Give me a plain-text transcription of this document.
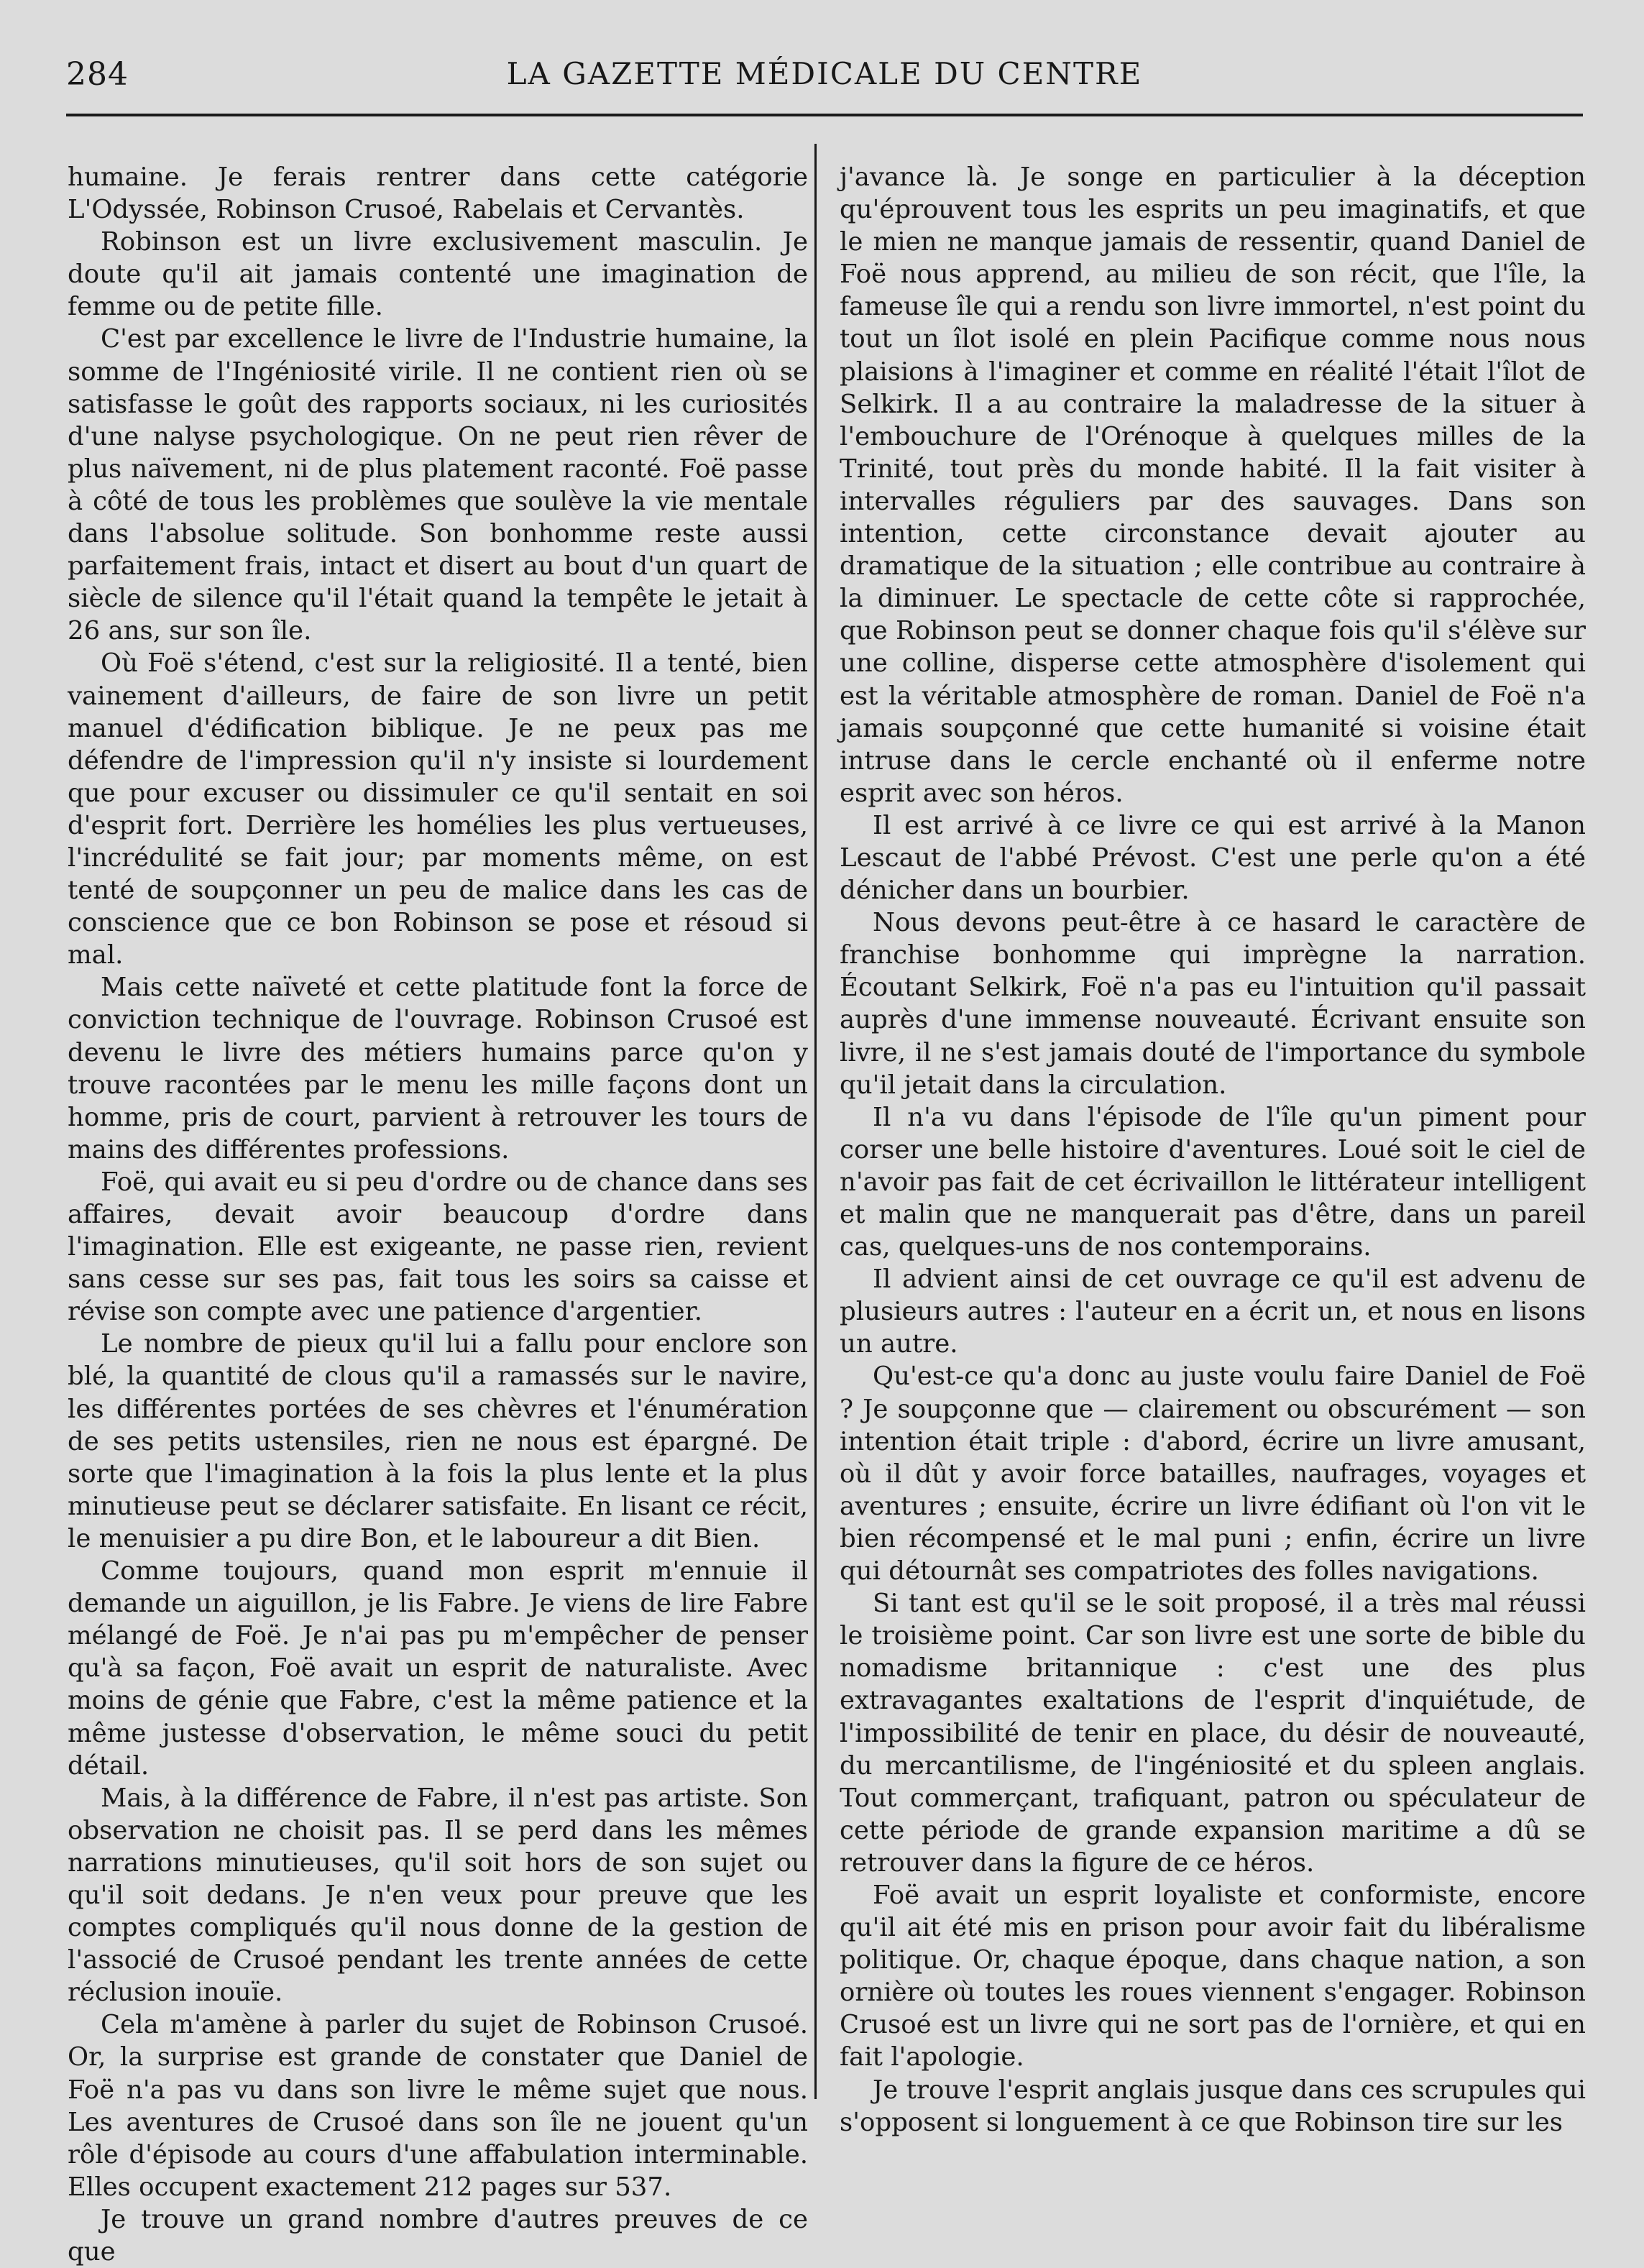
284	LA GAZETTE MÉDICALE DU CENTRE

humaine. Je ferais rentrer dans cette catégorie L'Odyssée, Robinson Crusoé, Rabelais et Cervantès.

Robinson est un livre exclusivement masculin. Je doute qu'il ait jamais contenté une imagination de femme ou de petite fille.

C'est par excellence le livre de l'Industrie humaine, la somme de l'Ingéniosité virile. Il ne contient rien où se satisfasse le goût des rapports sociaux, ni les curiosités d'une nalyse psychologique. On ne peut rien rêver de plus naïvement, ni de plus platement raconté. Foë passe à côté de tous les problèmes que soulève la vie mentale dans l'absolue solitude. Son bonhomme reste aussi parfaitement frais, intact et disert au bout d'un quart de siècle de silence qu'il l'était quand la tempête le jetait à 26 ans, sur son île.

Où Foë s'étend, c'est sur la religiosité. Il a tenté, bien vainement d'ailleurs, de faire de son livre un petit manuel d'édification biblique. Je ne peux pas me défendre de l'impression qu'il n'y insiste si lourdement que pour excuser ou dissimuler ce qu'il sentait en soi d'esprit fort. Derrière les homélies les plus vertueuses, l'incrédulité se fait jour; par moments même, on est tenté de soupçonner un peu de malice dans les cas de conscience que ce bon Robinson se pose et résoud si mal.

Mais cette naïveté et cette platitude font la force de conviction technique de l'ouvrage. Robinson Crusoé est devenu le livre des métiers humains parce qu'on y trouve racontées par le menu les mille façons dont un homme, pris de court, parvient à retrouver les tours de mains des différentes professions.

Foë, qui avait eu si peu d'ordre ou de chance dans ses affaires, devait avoir beaucoup d'ordre dans l'imagination. Elle est exigeante, ne passe rien, revient sans cesse sur ses pas, fait tous les soirs sa caisse et révise son compte avec une patience d'argentier.

Le nombre de pieux qu'il lui a fallu pour enclore son blé, la quantité de clous qu'il a ramassés sur le navire, les différentes portées de ses chèvres et l'énumération de ses petits ustensiles, rien ne nous est épargné. De sorte que l'imagination à la fois la plus lente et la plus minutieuse peut se déclarer satisfaite. En lisant ce récit, le menuisier a pu dire Bon, et le laboureur a dit Bien.

Comme toujours, quand mon esprit m'ennuie il demande un aiguillon, je lis Fabre. Je viens de lire Fabre mélangé de Foë. Je n'ai pas pu m'empêcher de penser qu'à sa façon, Foë avait un esprit de naturaliste. Avec moins de génie que Fabre, c'est la même patience et la même justesse d'observation, le même souci du petit détail.

Mais, à la différence de Fabre, il n'est pas artiste. Son observation ne choisit pas. Il se perd dans les mêmes narrations minutieuses, qu'il soit hors de son sujet ou qu'il soit dedans. Je n'en veux pour preuve que les comptes compliqués qu'il nous donne de la gestion de l'associé de Crusoé pendant les trente années de cette réclusion inouïe.

Cela m'amène à parler du sujet de Robinson Crusoé. Or, la surprise est grande de constater que Daniel de Foë n'a pas vu dans son livre le même sujet que nous. Les aventures de Crusoé dans son île ne jouent qu'un rôle d'épisode au cours d'une affabulation interminable. Elles occupent exactement 212 pages sur 537.

Je trouve un grand nombre d'autres preuves de ce que

j'avance là. Je songe en particulier à la déception qu'éprouvent tous les esprits un peu imaginatifs, et que le mien ne manque jamais de ressentir, quand Daniel de Foë nous apprend, au milieu de son récit, que l'île, la fameuse île qui a rendu son livre immortel, n'est point du tout un îlot isolé en plein Pacifique comme nous nous plaisions à l'imaginer et comme en réalité l'était l'îlot de Selkirk. Il a au contraire la maladresse de la situer à l'embouchure de l'Orénoque à quelques milles de la Trinité, tout près du monde habité. Il la fait visiter à intervalles réguliers par des sauvages. Dans son intention, cette circonstance devait ajouter au dramatique de la situation ; elle contribue au contraire à la diminuer. Le spectacle de cette côte si rapprochée, que Robinson peut se donner chaque fois qu'il s'élève sur une colline, disperse cette atmosphère d'isolement qui est la véritable atmosphère de roman. Daniel de Foë n'a jamais soupçonné que cette humanité si voisine était intruse dans le cercle enchanté où il enferme notre esprit avec son héros.

Il est arrivé à ce livre ce qui est arrivé à la Manon Lescaut de l'abbé Prévost. C'est une perle qu'on a été dénicher dans un bourbier.

Nous devons peut-être à ce hasard le caractère de franchise bonhomme qui imprègne la narration. Écoutant Selkirk, Foë n'a pas eu l'intuition qu'il passait auprès d'une immense nouveauté. Écrivant ensuite son livre, il ne s'est jamais douté de l'importance du symbole qu'il jetait dans la circulation.

Il n'a vu dans l'épisode de l'île qu'un piment pour corser une belle histoire d'aventures. Loué soit le ciel de n'avoir pas fait de cet écrivaillon le littérateur intelligent et malin que ne manquerait pas d'être, dans un pareil cas, quelques-uns de nos contemporains.

Il advient ainsi de cet ouvrage ce qu'il est advenu de plusieurs autres : l'auteur en a écrit un, et nous en lisons un autre.

Qu'est-ce qu'a donc au juste voulu faire Daniel de Foë ? Je soupçonne que — clairement ou obscurément — son intention était triple : d'abord, écrire un livre amusant, où il dût y avoir force batailles, naufrages, voyages et aventures ; ensuite, écrire un livre édifiant où l'on vit le bien récompensé et le mal puni ; enfin, écrire un livre qui détournât ses compatriotes des folles navigations.

Si tant est qu'il se le soit proposé, il a très mal réussi le troisième point. Car son livre est une sorte de bible du nomadisme britannique : c'est une des plus extravagantes exaltations de l'esprit d'inquiétude, de l'impossibilité de tenir en place, du désir de nouveauté, du mercantilisme, de l'ingéniosité et du spleen anglais. Tout commerçant, trafiquant, patron ou spéculateur de cette période de grande expansion maritime a dû se retrouver dans la figure de ce héros.

Foë avait un esprit loyaliste et conformiste, encore qu'il ait été mis en prison pour avoir fait du libéralisme politique. Or, chaque époque, dans chaque nation, a son ornière où toutes les roues viennent s'engager. Robinson Crusoé est un livre qui ne sort pas de l'ornière, et qui en fait l'apologie.

Je trouve l'esprit anglais jusque dans ces scrupules qui s'opposent si longuement à ce que Robinson tire sur les
